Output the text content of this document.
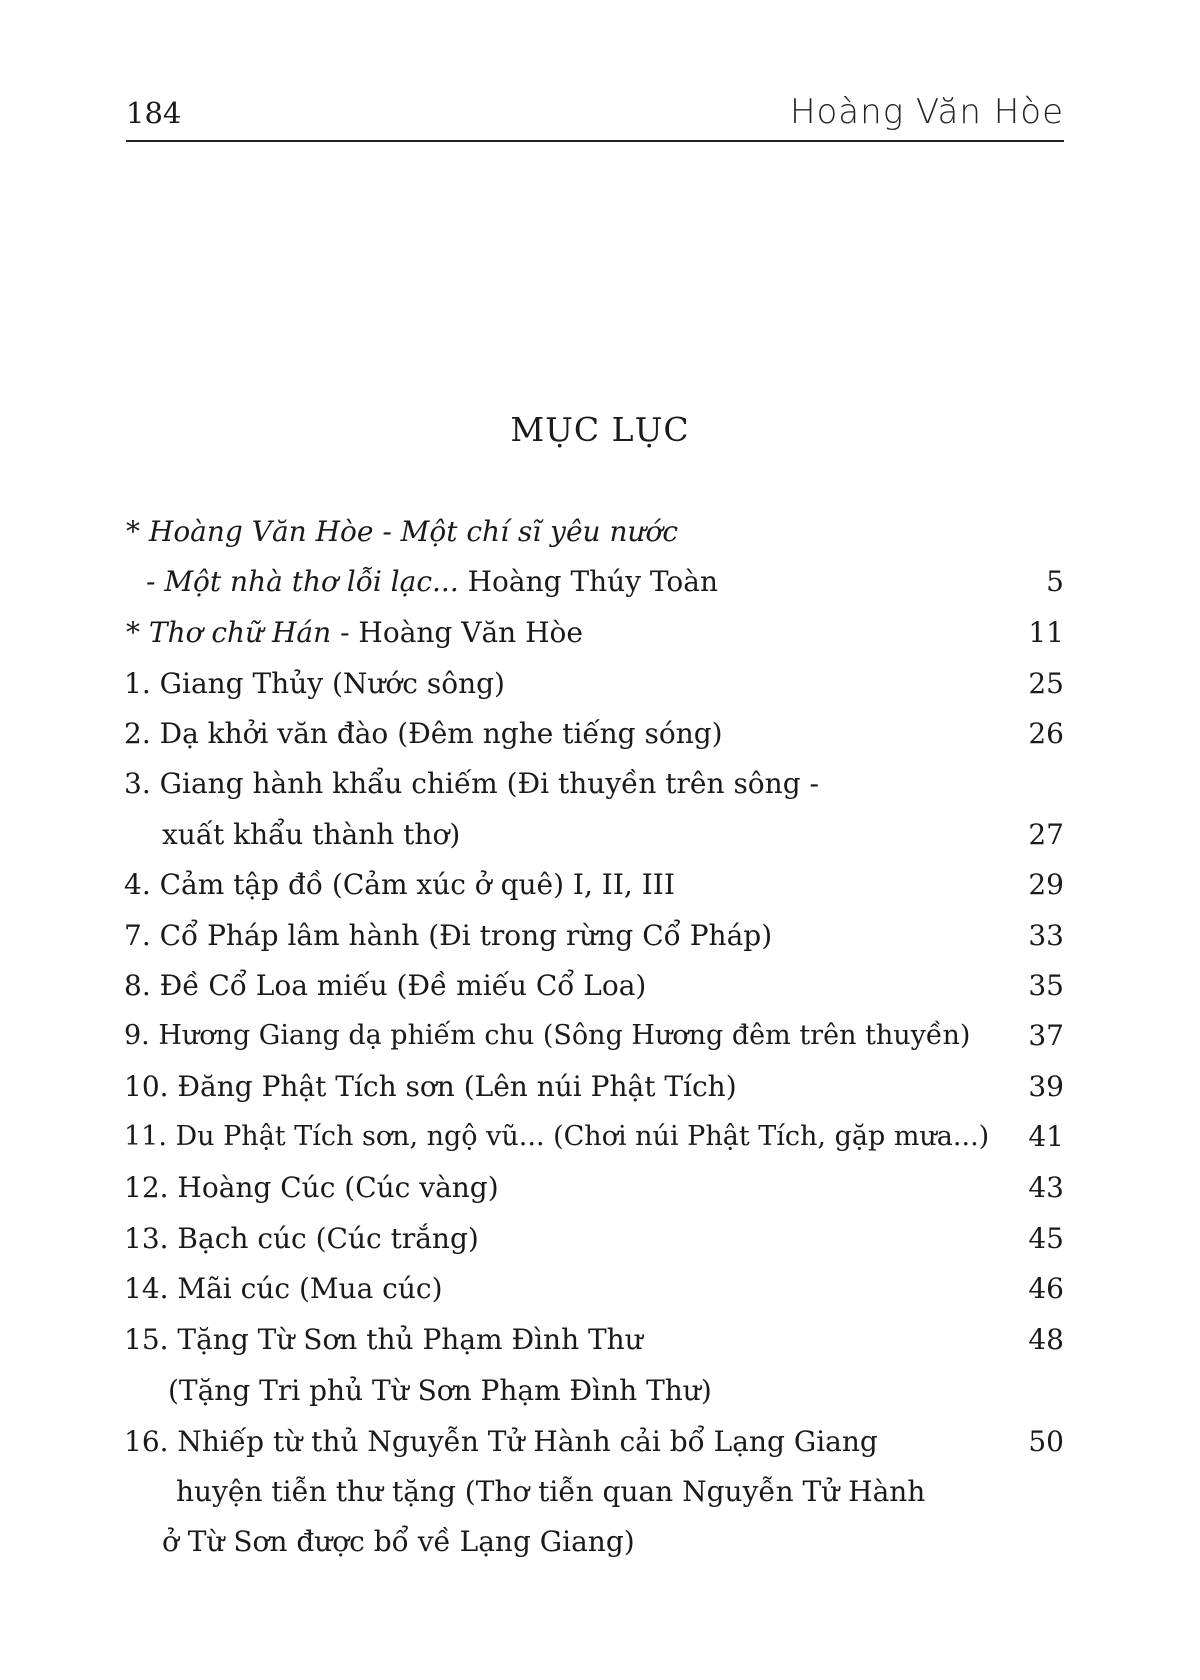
184	Hoàng Văn Hòe
MỤC LỤC
* Hoàng Văn Hòe - Một chí sĩ yêu nước
- Một nhà thơ lỗi lạc... Hoàng Thúy Toàn	5
* Thơ chữ Hán - Hoàng Văn Hòe	11
1. Giang Thủy (Nước sông)	25
2. Dạ khởi văn đào (Đêm nghe tiếng sóng)	26
3. Giang hành khẩu chiếm (Đi thuyền trên sông -
xuất khẩu thành thơ)	27
4. Cảm tập đồ (Cảm xúc ở quê) I, II, III	29
7. Cổ Pháp lâm hành (Đi trong rừng Cổ Pháp)	33
8. Đề Cổ Loa miếu (Đề miếu Cổ Loa)	35
9. Hương Giang dạ phiếm chu (Sông Hương đêm trên thuyền) 37
10. Đăng Phật Tích sơn (Lên núi Phật Tích)	39
11. Du Phật Tích sơn, ngộ vũ... (Chơi núi Phật Tích, gặp mưa...) 41
12. Hoàng Cúc (Cúc vàng)	43
13. Bạch cúc (Cúc trắng)	45
14. Mãi cúc (Mua cúc)	46
15. Tặng Từ Sơn thủ Phạm Đình Thư	48
(Tặng Tri phủ Từ Sơn Phạm Đình Thư)
16. Nhiếp từ thủ Nguyễn Tử Hành cải bổ Lạng Giang	50
huyện tiễn thư tặng (Thơ tiễn quan Nguyễn Tử Hành
ở Từ Sơn được bổ về Lạng Giang)
